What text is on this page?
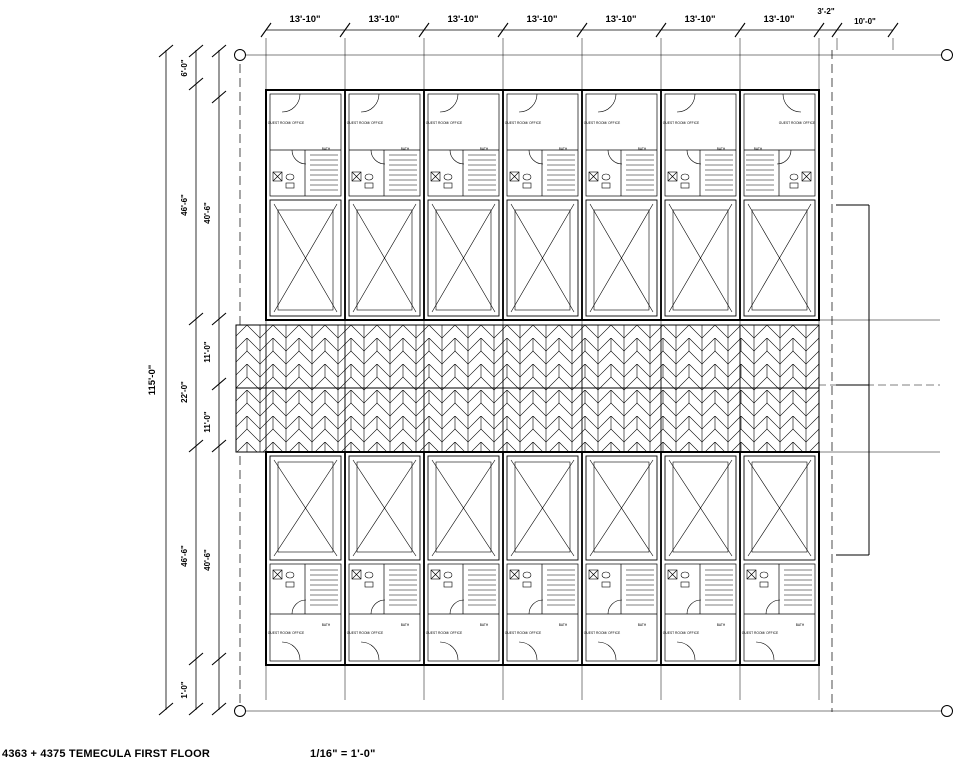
13'-10"	13'-10"	13'-10"	13'-10"	13'-10"	13'-10"	13'-10"
3'-2"
10'-0"
115'-0"
6'-0"
46'-6"
22'-0"
46'-6"
1'-0"
40'-6"
11'-0"
11'-0"
40'-6"
GUEST ROOM/ OFFICE
BATH
GUEST ROOM/ OFFICE
BATH
GUEST ROOM/ OFFICE
BATH
GUEST ROOM/ OFFICE
BATH
GUEST ROOM/ OFFICE
BATH
GUEST ROOM/ OFFICE
BATH
GUEST ROOM/ OFFICE
BATH
GUEST ROOM/ OFFICE
BATH
GUEST ROOM/ OFFICE
BATH
GUEST ROOM/ OFFICE
BATH
GUEST ROOM/ OFFICE
BATH
GUEST ROOM/ OFFICE
BATH
GUEST ROOM/ OFFICE
BATH
GUEST ROOM/ OFFICE
BATH
4363 + 4375 TEMECULA FIRST FLOOR	1/16" = 1'-0"
